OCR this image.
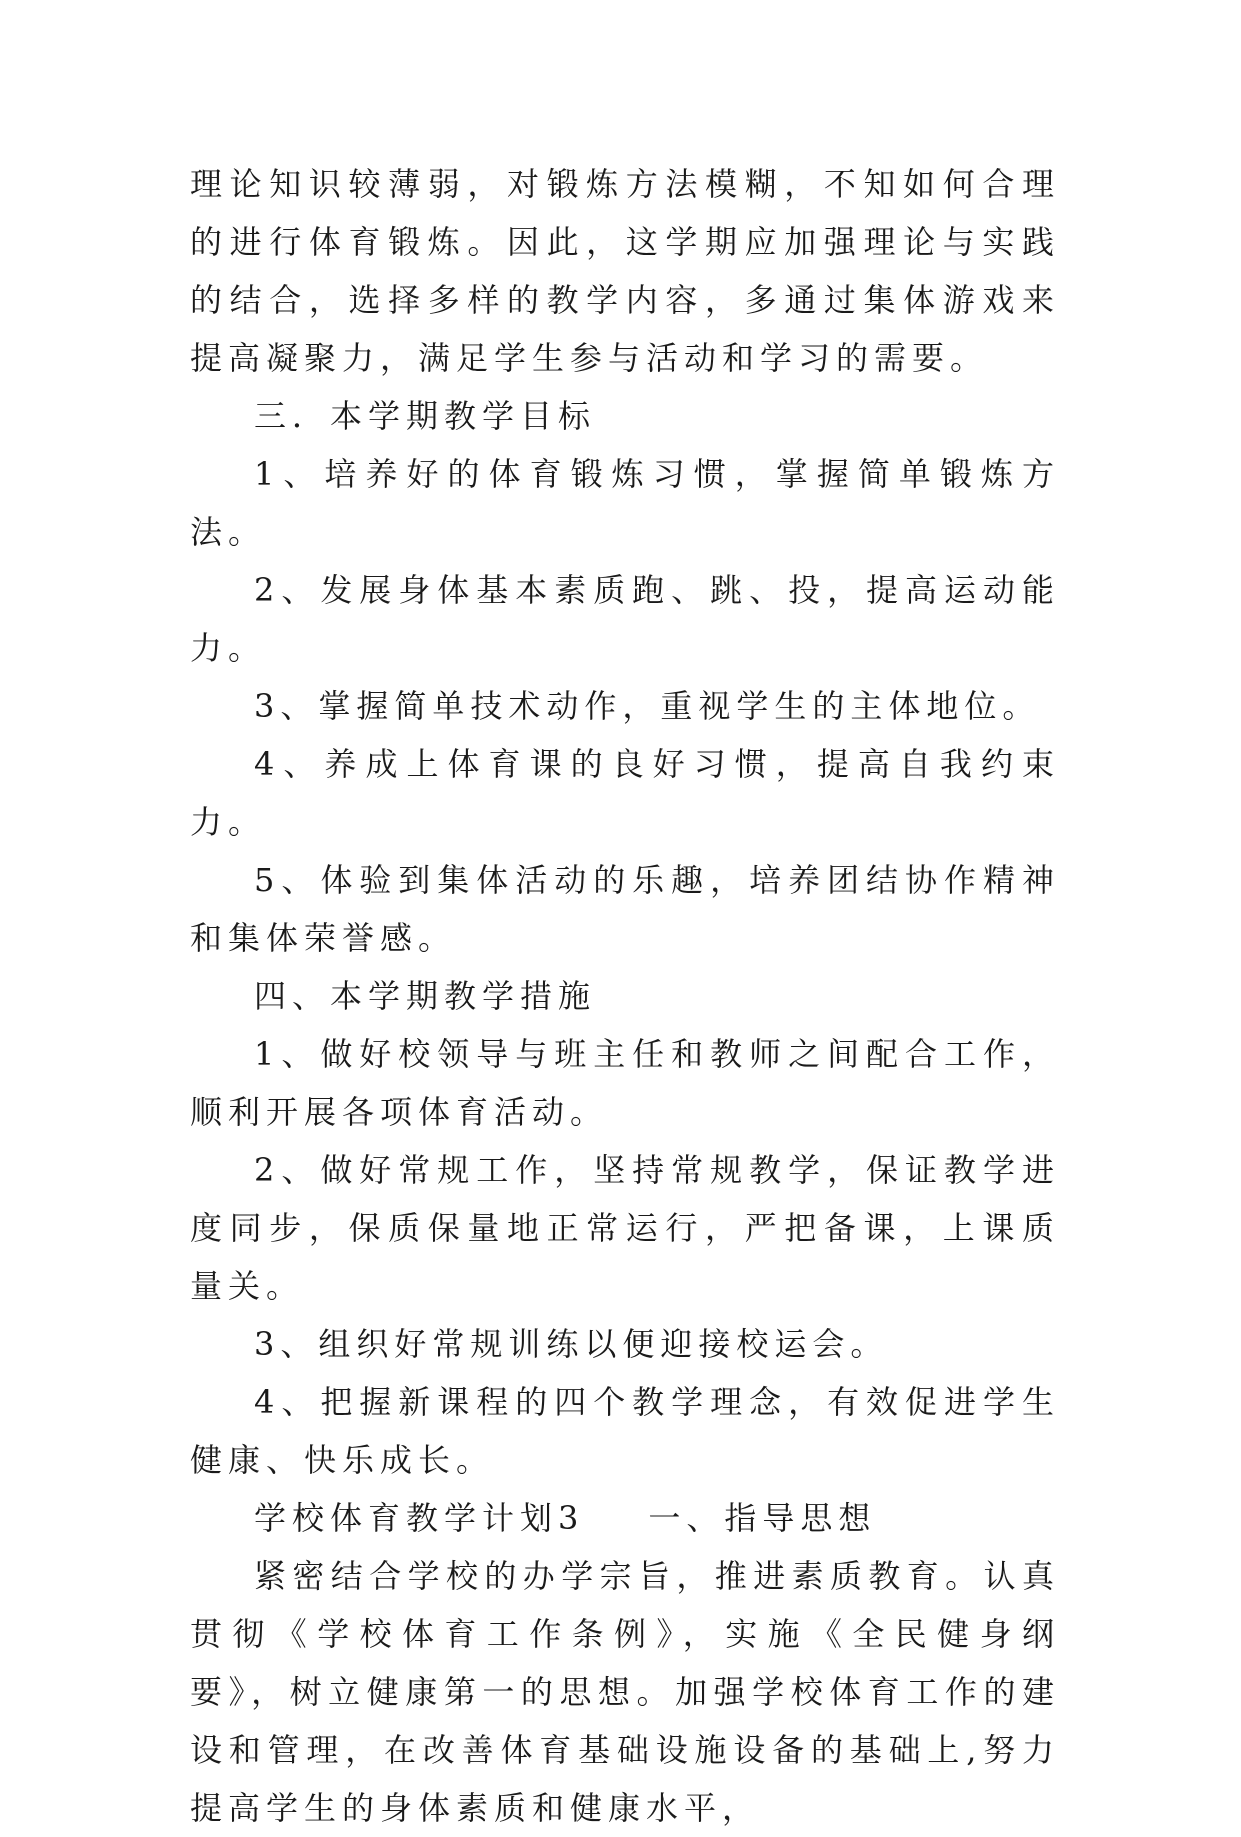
理论知识较薄弱，对锻炼方法模糊，不知如何合理的进行体育锻炼。因此，这学期应加强理论与实践的结合，选择多样的教学内容，多通过集体游戏来提高凝聚力，满足学生参与活动和学习的需要。

三．本学期教学目标

1、培养好的体育锻炼习惯，掌握简单锻炼方法。

2、发展身体基本素质跑、跳、投，提高运动能力。

3、掌握简单技术动作，重视学生的主体地位。

4、养成上体育课的良好习惯，提高自我约束力。

5、体验到集体活动的乐趣，培养团结协作精神和集体荣誉感。

四、本学期教学措施

1、做好校领导与班主任和教师之间配合工作，顺利开展各项体育活动。

2、做好常规工作，坚持常规教学，保证教学进度同步，保质保量地正常运行，严把备课，上课质量关。

3、组织好常规训练以便迎接校运会。

4、把握新课程的四个教学理念，有效促进学生健康、快乐成长。

学校体育教学计划3 一、指导思想

紧密结合学校的办学宗旨，推进素质教育。认真贯彻《学校体育工作条例》，实施《全民健身纲要》，树立健康第一的思想。加强学校体育工作的建设和管理，在改善体育基础设施设备的基础上,努力提高学生的身体素质和健康水平，
